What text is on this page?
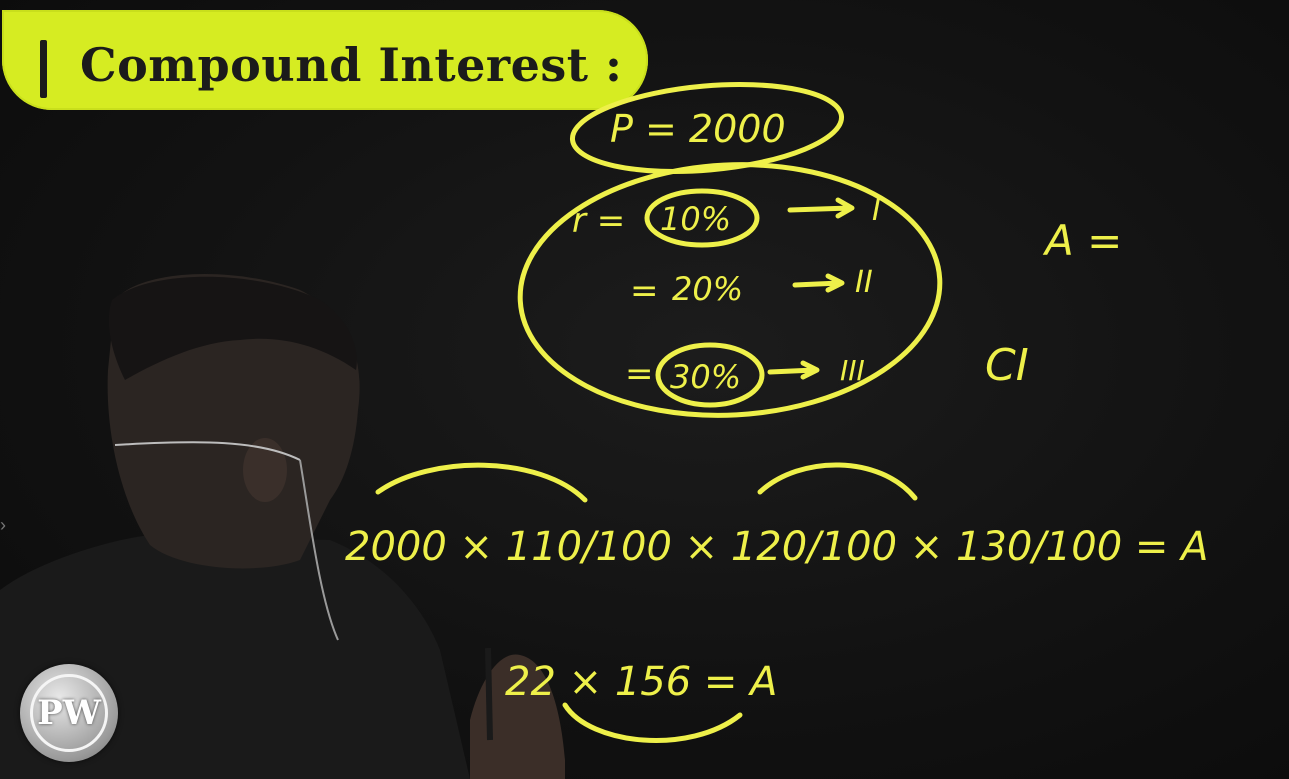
Compound Interest :
P = 2000
r = 10%	I
= 20%	II
= 30%	III
A =
CI
2000 × 110/100 × 120/100 × 130/100 = A
22 × 156 = A
›
PW
